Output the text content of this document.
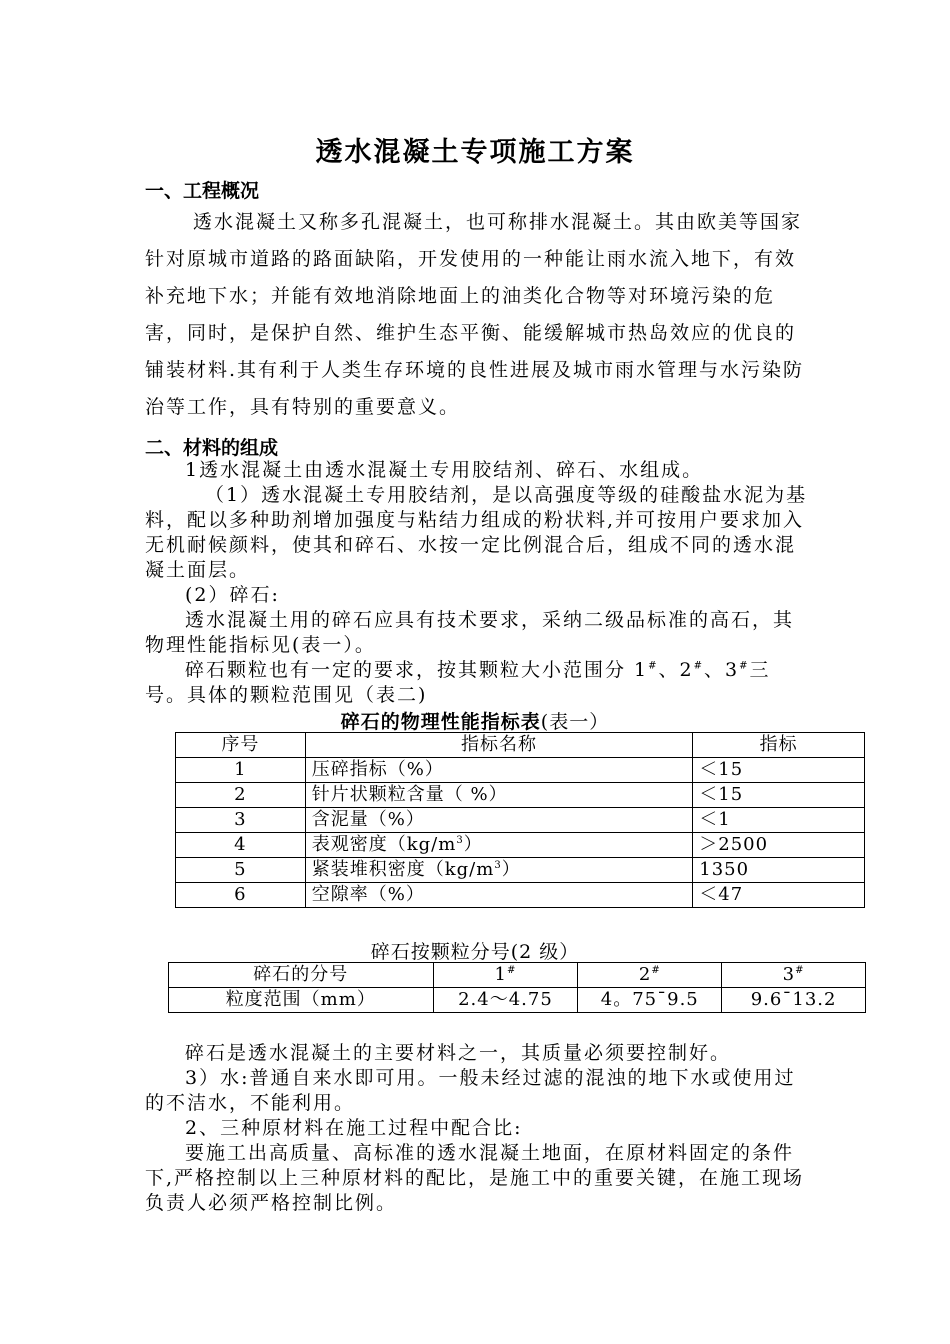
透水混凝土专项施工方案
一、工程概况
透水混凝土又称多孔混凝土，也可称排水混凝土。其由欧美等国家针对原城市道路的路面缺陷，开发使用的一种能让雨水流入地下，有效补充地下水；并能有效地消除地面上的油类化合物等对环境污染的危害，同时，是保护自然、维护生态平衡、能缓解城市热岛效应的优良的铺装材料.其有利于人类生存环境的良性进展及城市雨水管理与水污染防治等工作，具有特别的重要意义。
二、材料的组成
1透水混凝土由透水混凝土专用胶结剂、碎石、水组成。
（1）透水混凝土专用胶结剂，是以高强度等级的硅酸盐水泥为基料，配以多种助剂增加强度与粘结力组成的粉状料,并可按用户要求加入无机耐候颜料，使其和碎石、水按一定比例混合后，组成不同的透水混凝土面层。
(2）碎石:
透水混凝土用的碎石应具有技术要求，采纳二级品标准的高石，其物理性能指标见(表一）。
碎石颗粒也有一定的要求，按其颗粒大小范围分 1#、2#、3#三号。具体的颗粒范围见（表二)
碎石的物理性能指标表(表一）
序号	指标名称	指标
1	压碎指标（%）	＜15
2	针片状颗粒含量（ %）	＜15
3	含泥量（%）	＜1
4	表观密度$(kg/m^3)$	＞2500
5	紧装堆积密度$(kg/m^3)$	1350
6	空隙率（%）	＜47
碎石按颗粒分号(2 级）
碎石的分号	1#	2#	3#
粒度范围（mm）	2.4～4.75	4。75¯9.5	9.6¯13.2
碎石是透水混凝土的主要材料之一，其质量必须要控制好。
3）水:普通自来水即可用。一般未经过滤的混浊的地下水或使用过的不洁水，不能利用。
2、三种原材料在施工过程中配合比:
要施工出高质量、高标准的透水混凝土地面，在原材料固定的条件下,严格控制以上三种原材料的配比，是施工中的重要关键，在施工现场负责人必须严格控制比例。
